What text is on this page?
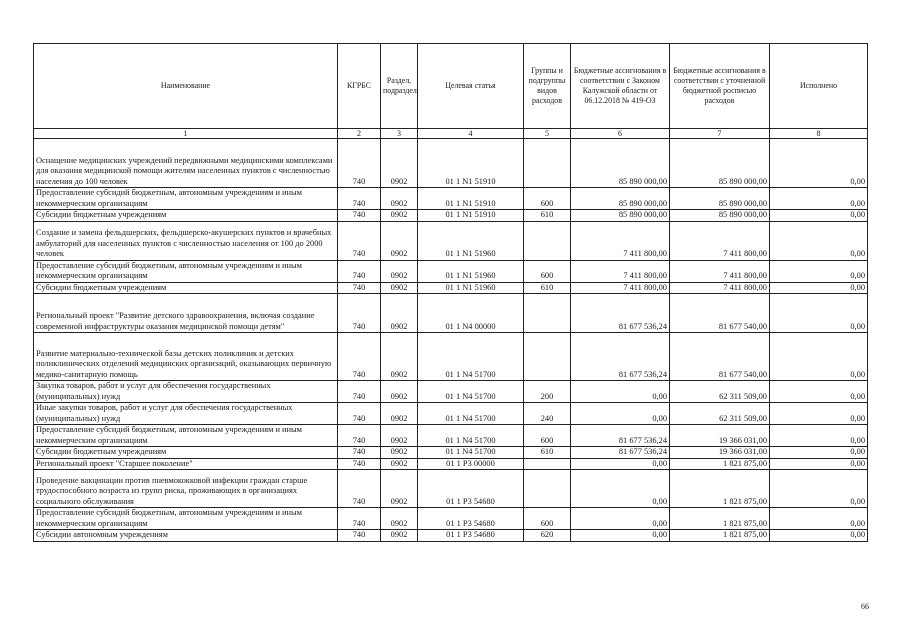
Наименование	КГРБС	Раздел, подраздел	Целевая статья	Группы и подгруппы видов расходов	Бюджетные ассигнования в соответствии с Законом Калужской области от 06.12.2018 № 419-ОЗ	Бюджетные ассигнования в соответствии с уточненной бюджетной росписью расходов	Исполнено
1	2	3	4	5	6	7	8
Оснащение медицинских учреждений передвижными медицинскими комплексами для оказания медицинской помощи жителям населенных пунктов с численностью населения до 100 человек	740	0902	01 1 N1 51910		85 890 000,00	85 890 000,00	0,00
Предоставление субсидий бюджетным, автономным учреждениям и иным некоммерческим организациям	740	0902	01 1 N1 51910	600	85 890 000,00	85 890 000,00	0,00
Субсидии бюджетным учреждениям	740	0902	01 1 N1 51910	610	85 890 000,00	85 890 000,00	0,00
Создание и замена фельдшерских, фельдшерско-акушерских пунктов и врачебных амбулаторий для населенных пунктов с численностью населения от 100 до 2000 человек	740	0902	01 1 N1 51960		7 411 800,00	7 411 800,00	0,00
Предоставление субсидий бюджетным, автономным учреждениям и иным некоммерческим организациям	740	0902	01 1 N1 51960	600	7 411 800,00	7 411 800,00	0,00
Субсидии бюджетным учреждениям	740	0902	01 1 N1 51960	610	7 411 800,00	7 411 800,00	0,00
Региональный проект "Развитие детского здравоохранения, включая создание современной инфраструктуры оказания медицинской помощи детям"	740	0902	01 1 N4 00000		81 677 536,24	81 677 540,00	0,00
Развитие материально-технической базы детских поликлиник и детских поликлинических отделений медицинских организаций, оказывающих первичную медико-санитарную помощь	740	0902	01 1 N4 51700		81 677 536,24	81 677 540,00	0,00
Закупка товаров, работ и услуг для обеспечения государственных (муниципальных) нужд	740	0902	01 1 N4 51700	200	0,00	62 311 509,00	0,00
Иные закупки товаров, работ и услуг для обеспечения государственных (муниципальных) нужд	740	0902	01 1 N4 51700	240	0,00	62 311 509,00	0,00
Предоставление субсидий бюджетным, автономным учреждениям и иным некоммерческим организациям	740	0902	01 1 N4 51700	600	81 677 536,24	19 366 031,00	0,00
Субсидии бюджетным учреждениям	740	0902	01 1 N4 51700	610	81 677 536,24	19 366 031,00	0,00
Региональный проект "Старшее поколение"	740	0902	01 1 P3 00000		0,00	1 821 875,00	0,00
Проведение вакцинации против пневмококковой инфекции граждан старше трудоспособного возраста из групп риска, проживающих в организациях социального обслуживания	740	0902	01 1 P3 54680		0,00	1 821 875,00	0,00
Предоставление субсидий бюджетным, автономным учреждениям и иным некоммерческим организациям	740	0902	01 1 P3 54680	600	0,00	1 821 875,00	0,00
Субсидии автономным учреждениям	740	0902	01 1 P3 54680	620	0,00	1 821 875,00	0,00
66
